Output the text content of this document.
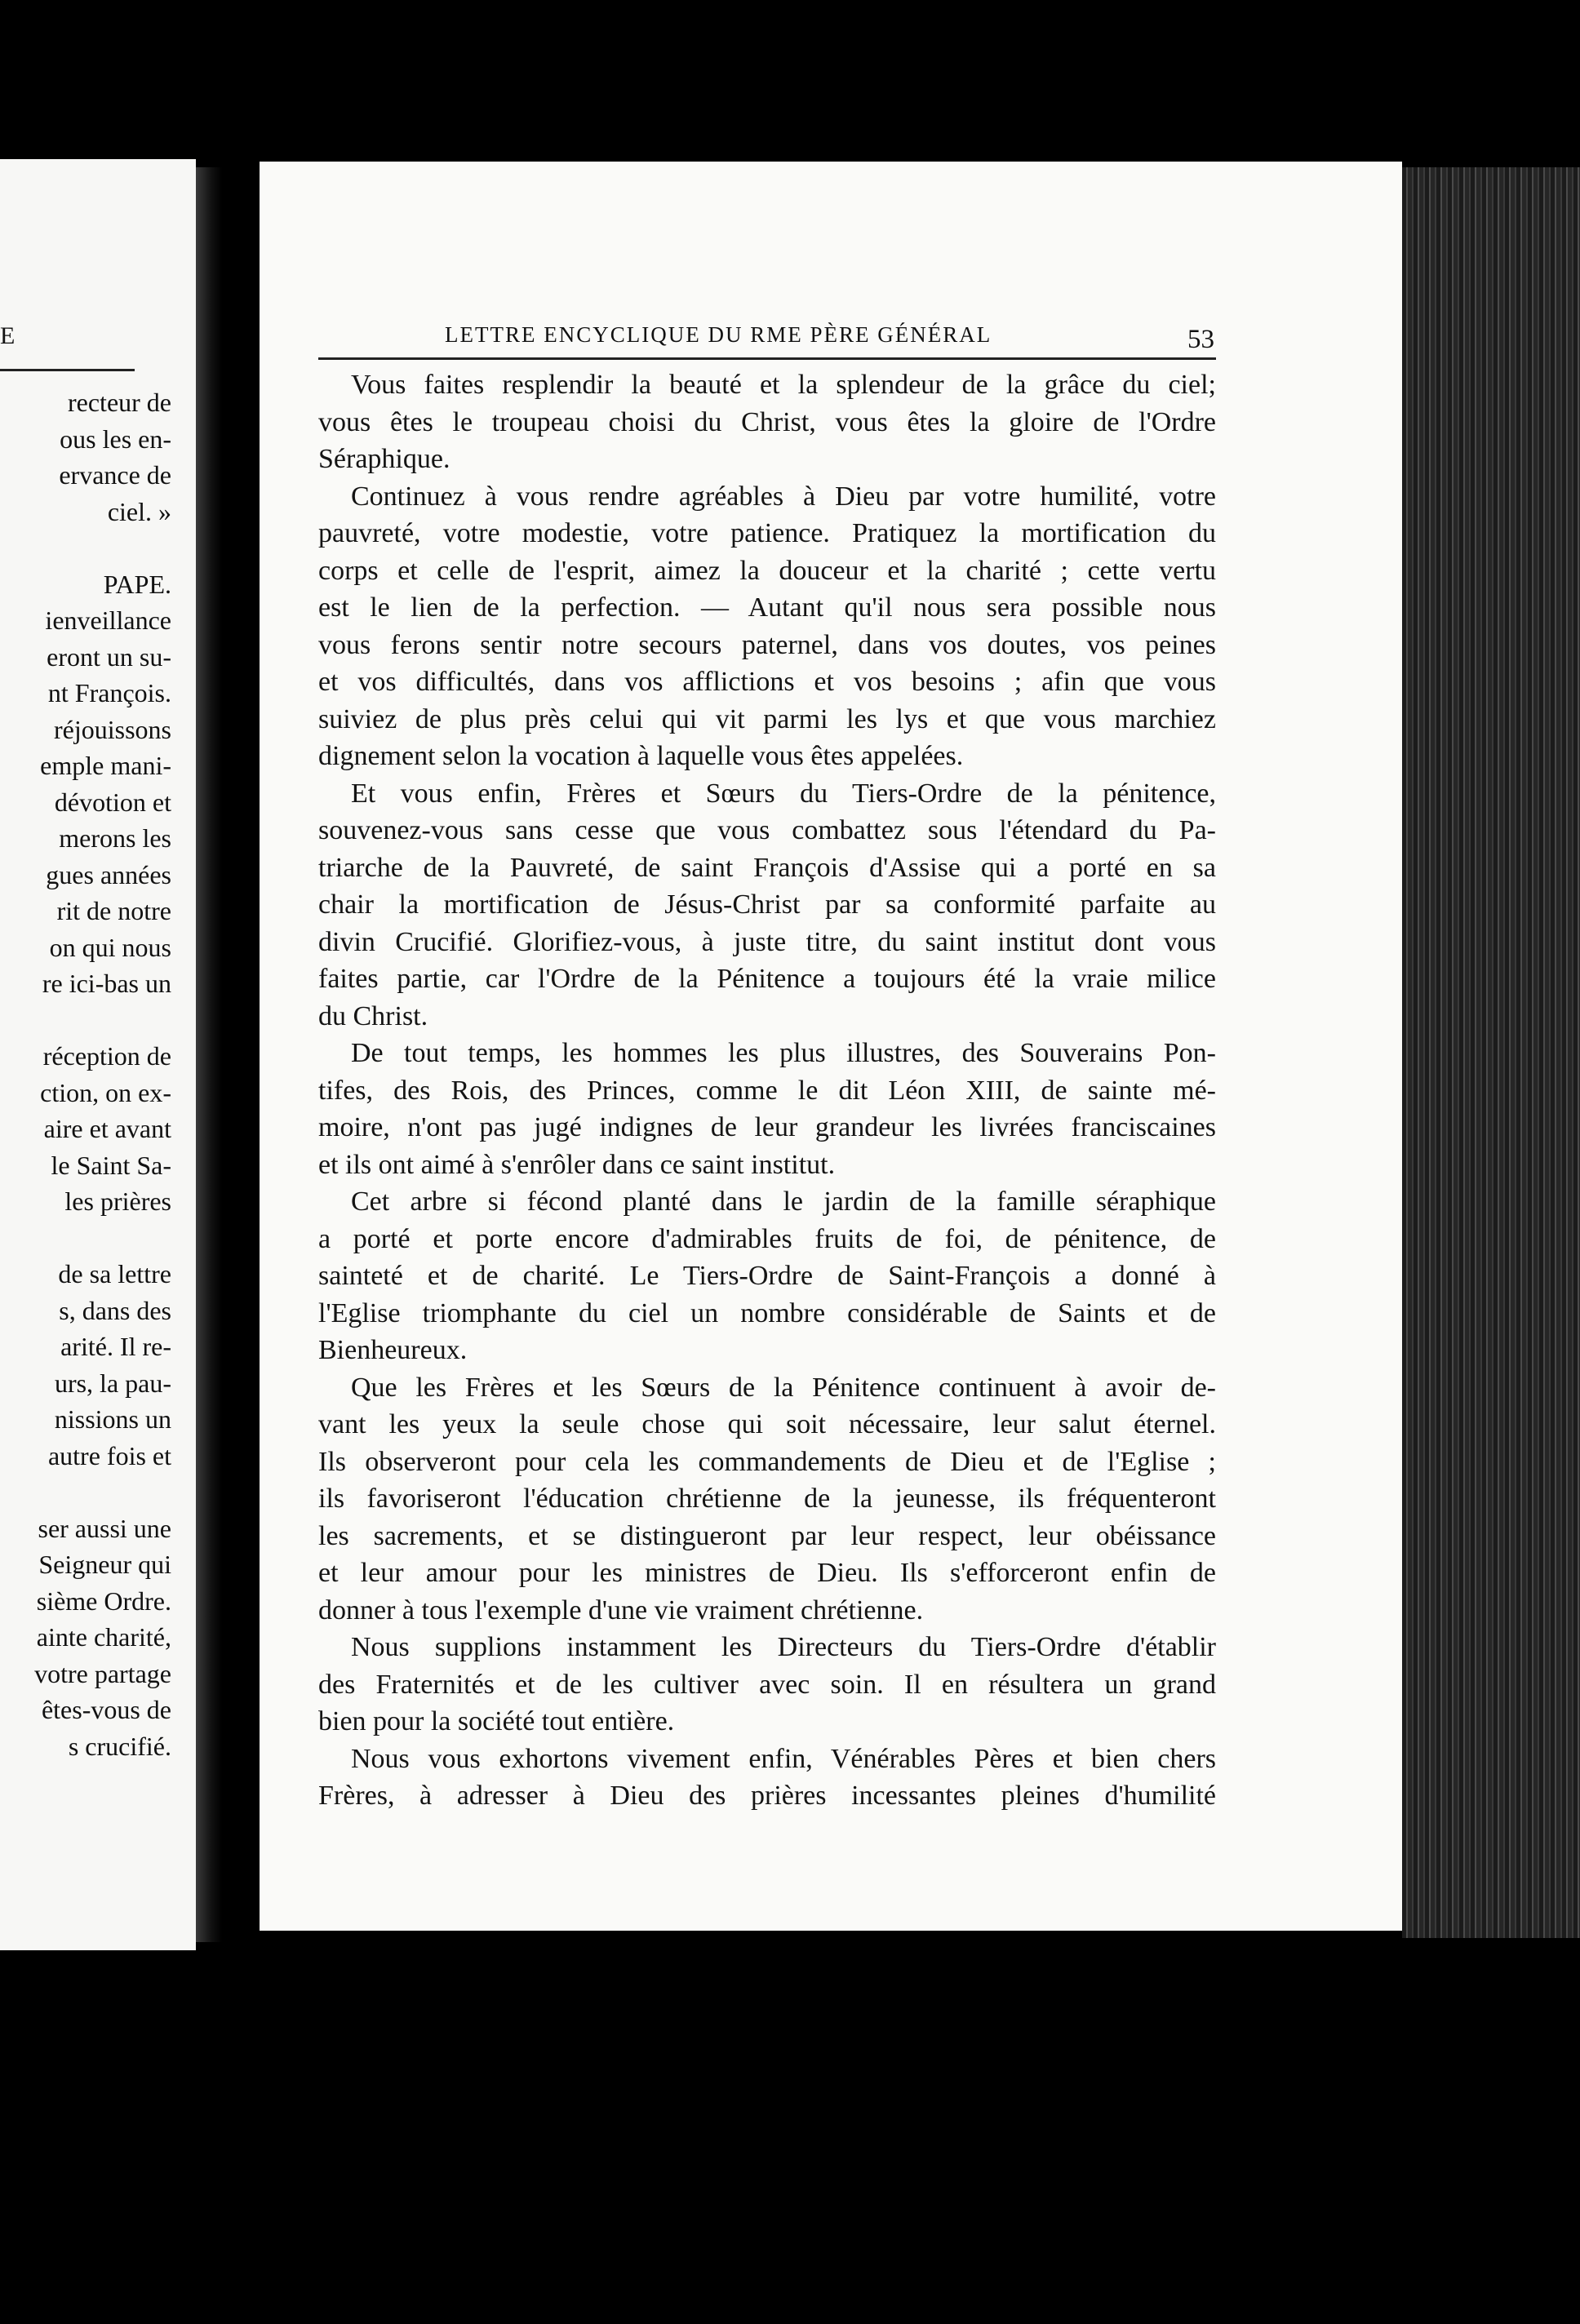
E
recteur de
ous les en-
ervance de
ciel. »
PAPE.
ienveillance
eront un su-
nt François.
réjouissons
emple mani-
dévotion et
merons les
gues années
rit de notre
on qui nous
re ici-bas un
réception de
ction, on ex-
aire et avant
le Saint Sa-
les prières
de sa lettre
s, dans des
arité. Il re-
urs, la pau-
nissions un
autre fois et
ser aussi une
Seigneur qui
sième Ordre.
ainte charité,
votre partage
êtes-vous de
s crucifié.
LETTRE ENCYCLIQUE DU RME PÈRE GÉNÉRAL	53
Vous faites resplendir la beauté et la splendeur de la grâce du ciel;
vous êtes le troupeau choisi du Christ, vous êtes la gloire de l'Ordre
Séraphique.
Continuez à vous rendre agréables à Dieu par votre humilité, votre
pauvreté, votre modestie, votre patience. Pratiquez la mortification du
corps et celle de l'esprit, aimez la douceur et la charité ; cette vertu
est le lien de la perfection. — Autant qu'il nous sera possible nous
vous ferons sentir notre secours paternel, dans vos doutes, vos peines
et vos difficultés, dans vos afflictions et vos besoins ; afin que vous
suiviez de plus près celui qui vit parmi les lys et que vous marchiez
dignement selon la vocation à laquelle vous êtes appelées.
Et vous enfin, Frères et Sœurs du Tiers-Ordre de la pénitence,
souvenez-vous sans cesse que vous combattez sous l'étendard du Pa-
triarche de la Pauvreté, de saint François d'Assise qui a porté en sa
chair la mortification de Jésus-Christ par sa conformité parfaite au
divin Crucifié. Glorifiez-vous, à juste titre, du saint institut dont vous
faites partie, car l'Ordre de la Pénitence a toujours été la vraie milice
du Christ.
De tout temps, les hommes les plus illustres, des Souverains Pon-
tifes, des Rois, des Princes, comme le dit Léon XIII, de sainte mé-
moire, n'ont pas jugé indignes de leur grandeur les livrées franciscaines
et ils ont aimé à s'enrôler dans ce saint institut.
Cet arbre si fécond planté dans le jardin de la famille séraphique
a porté et porte encore d'admirables fruits de foi, de pénitence, de
sainteté et de charité. Le Tiers-Ordre de Saint-François a donné à
l'Eglise triomphante du ciel un nombre considérable de Saints et de
Bienheureux.
Que les Frères et les Sœurs de la Pénitence continuent à avoir de-
vant les yeux la seule chose qui soit nécessaire, leur salut éternel.
Ils observeront pour cela les commandements de Dieu et de l'Eglise ;
ils favoriseront l'éducation chrétienne de la jeunesse, ils fréquenteront
les sacrements, et se distingueront par leur respect, leur obéissance
et leur amour pour les ministres de Dieu. Ils s'efforceront enfin de
donner à tous l'exemple d'une vie vraiment chrétienne.
Nous supplions instamment les Directeurs du Tiers-Ordre d'établir
des Fraternités et de les cultiver avec soin. Il en résultera un grand
bien pour la société tout entière.
Nous vous exhortons vivement enfin, Vénérables Pères et bien chers
Frères, à adresser à Dieu des prières incessantes pleines d'humilité
